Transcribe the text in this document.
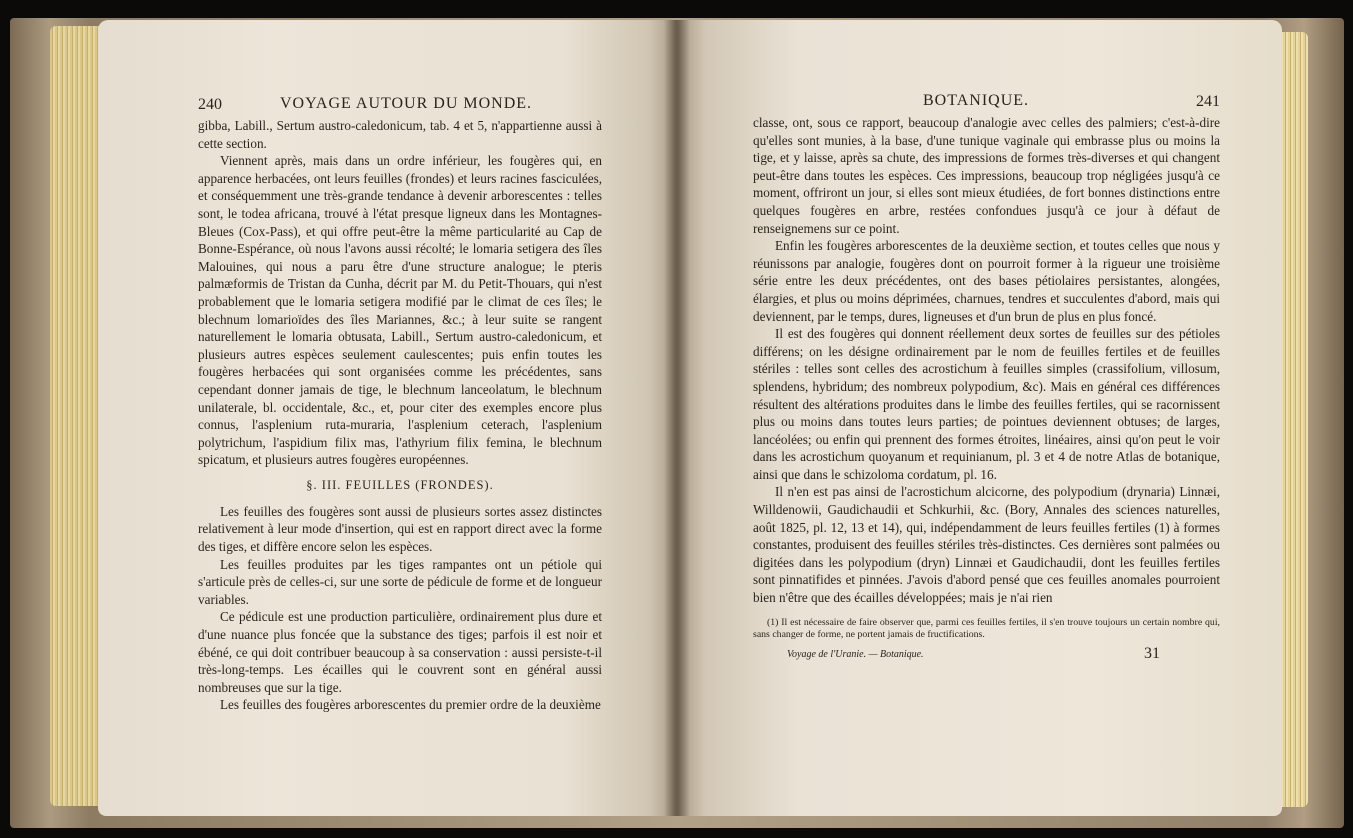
240	VOYAGE AUTOUR DU MONDE.

gibba, Labill., Sertum austro-caledonicum, tab. 4 et 5, n'appartienne aussi à cette section.

Viennent après, mais dans un ordre inférieur, les fougères qui, en apparence herbacées, ont leurs feuilles (frondes) et leurs racines fasciculées, et conséquemment une très-grande tendance à devenir arborescentes : telles sont, le todea africana, trouvé à l'état presque ligneux dans les Montagnes-Bleues (Cox-Pass), et qui offre peut-être la même particularité au Cap de Bonne-Espérance, où nous l'avons aussi récolté; le lomaria setigera des îles Malouines, qui nous a paru être d'une structure analogue; le pteris palmæformis de Tristan da Cunha, décrit par M. du Petit-Thouars, qui n'est probablement que le lomaria setigera modifié par le climat de ces îles; le blechnum lomarioïdes des îles Mariannes, &c.; à leur suite se rangent naturellement le lomaria obtusata, Labill., Sertum austro-caledonicum, et plusieurs autres espèces seulement caulescentes; puis enfin toutes les fougères herbacées qui sont organisées comme les précédentes, sans cependant donner jamais de tige, le blechnum lanceolatum, le blechnum unilaterale, bl. occidentale, &c., et, pour citer des exemples encore plus connus, l'asplenium ruta-muraria, l'asplenium ceterach, l'asplenium polytrichum, l'aspidium filix mas, l'athyrium filix femina, le blechnum spicatum, et plusieurs autres fougères européennes.

§. III. FEUILLES (FRONDES).

Les feuilles des fougères sont aussi de plusieurs sortes assez distinctes relativement à leur mode d'insertion, qui est en rapport direct avec la forme des tiges, et diffère encore selon les espèces.

Les feuilles produites par les tiges rampantes ont un pétiole qui s'articule près de celles-ci, sur une sorte de pédicule de forme et de longueur variables.

Ce pédicule est une production particulière, ordinairement plus dure et d'une nuance plus foncée que la substance des tiges; parfois il est noir et ébéné, ce qui doit contribuer beaucoup à sa conservation : aussi persiste-t-il très-long-temps. Les écailles qui le couvrent sont en général aussi nombreuses que sur la tige.

Les feuilles des fougères arborescentes du premier ordre de la deuxième

BOTANIQUE.	241

classe, ont, sous ce rapport, beaucoup d'analogie avec celles des palmiers; c'est-à-dire qu'elles sont munies, à la base, d'une tunique vaginale qui embrasse plus ou moins la tige, et y laisse, après sa chute, des impressions de formes très-diverses et qui changent peut-être dans toutes les espèces. Ces impressions, beaucoup trop négligées jusqu'à ce moment, offriront un jour, si elles sont mieux étudiées, de fort bonnes distinctions entre quelques fougères en arbre, restées confondues jusqu'à ce jour à défaut de renseignemens sur ce point.

Enfin les fougères arborescentes de la deuxième section, et toutes celles que nous y réunissons par analogie, fougères dont on pourroit former à la rigueur une troisième série entre les deux précédentes, ont des bases pétiolaires persistantes, alongées, élargies, et plus ou moins déprimées, charnues, tendres et succulentes d'abord, mais qui deviennent, par le temps, dures, ligneuses et d'un brun de plus en plus foncé.

Il est des fougères qui donnent réellement deux sortes de feuilles sur des pétioles différens; on les désigne ordinairement par le nom de feuilles fertiles et de feuilles stériles : telles sont celles des acrostichum à feuilles simples (crassifolium, villosum, splendens, hybridum; des nombreux polypodium, &c). Mais en général ces différences résultent des altérations produites dans le limbe des feuilles fertiles, qui se racornissent plus ou moins dans toutes leurs parties; de pointues deviennent obtuses; de larges, lancéolées; ou enfin qui prennent des formes étroites, linéaires, ainsi qu'on peut le voir dans les acrostichum quoyanum et requinianum, pl. 3 et 4 de notre Atlas de botanique, ainsi que dans le schizoloma cordatum, pl. 16.

Il n'en est pas ainsi de l'acrostichum alcicorne, des polypodium (drynaria) Linnæi, Willdenowii, Gaudichaudii et Schkurhii, &c. (Bory, Annales des sciences naturelles, août 1825, pl. 12, 13 et 14), qui, indépendamment de leurs feuilles fertiles (1) à formes constantes, produisent des feuilles stériles très-distinctes. Ces dernières sont palmées ou digitées dans les polypodium (dryn) Linnæi et Gaudichaudii, dont les feuilles fertiles sont pinnatifides et pinnées. J'avois d'abord pensé que ces feuilles anomales pourroient bien n'être que des écailles développées; mais je n'ai rien

(1) Il est nécessaire de faire observer que, parmi ces feuilles fertiles, il s'en trouve toujours un certain nombre qui, sans changer de forme, ne portent jamais de fructifications.
Voyage de l'Uranie. — Botanique.	31
